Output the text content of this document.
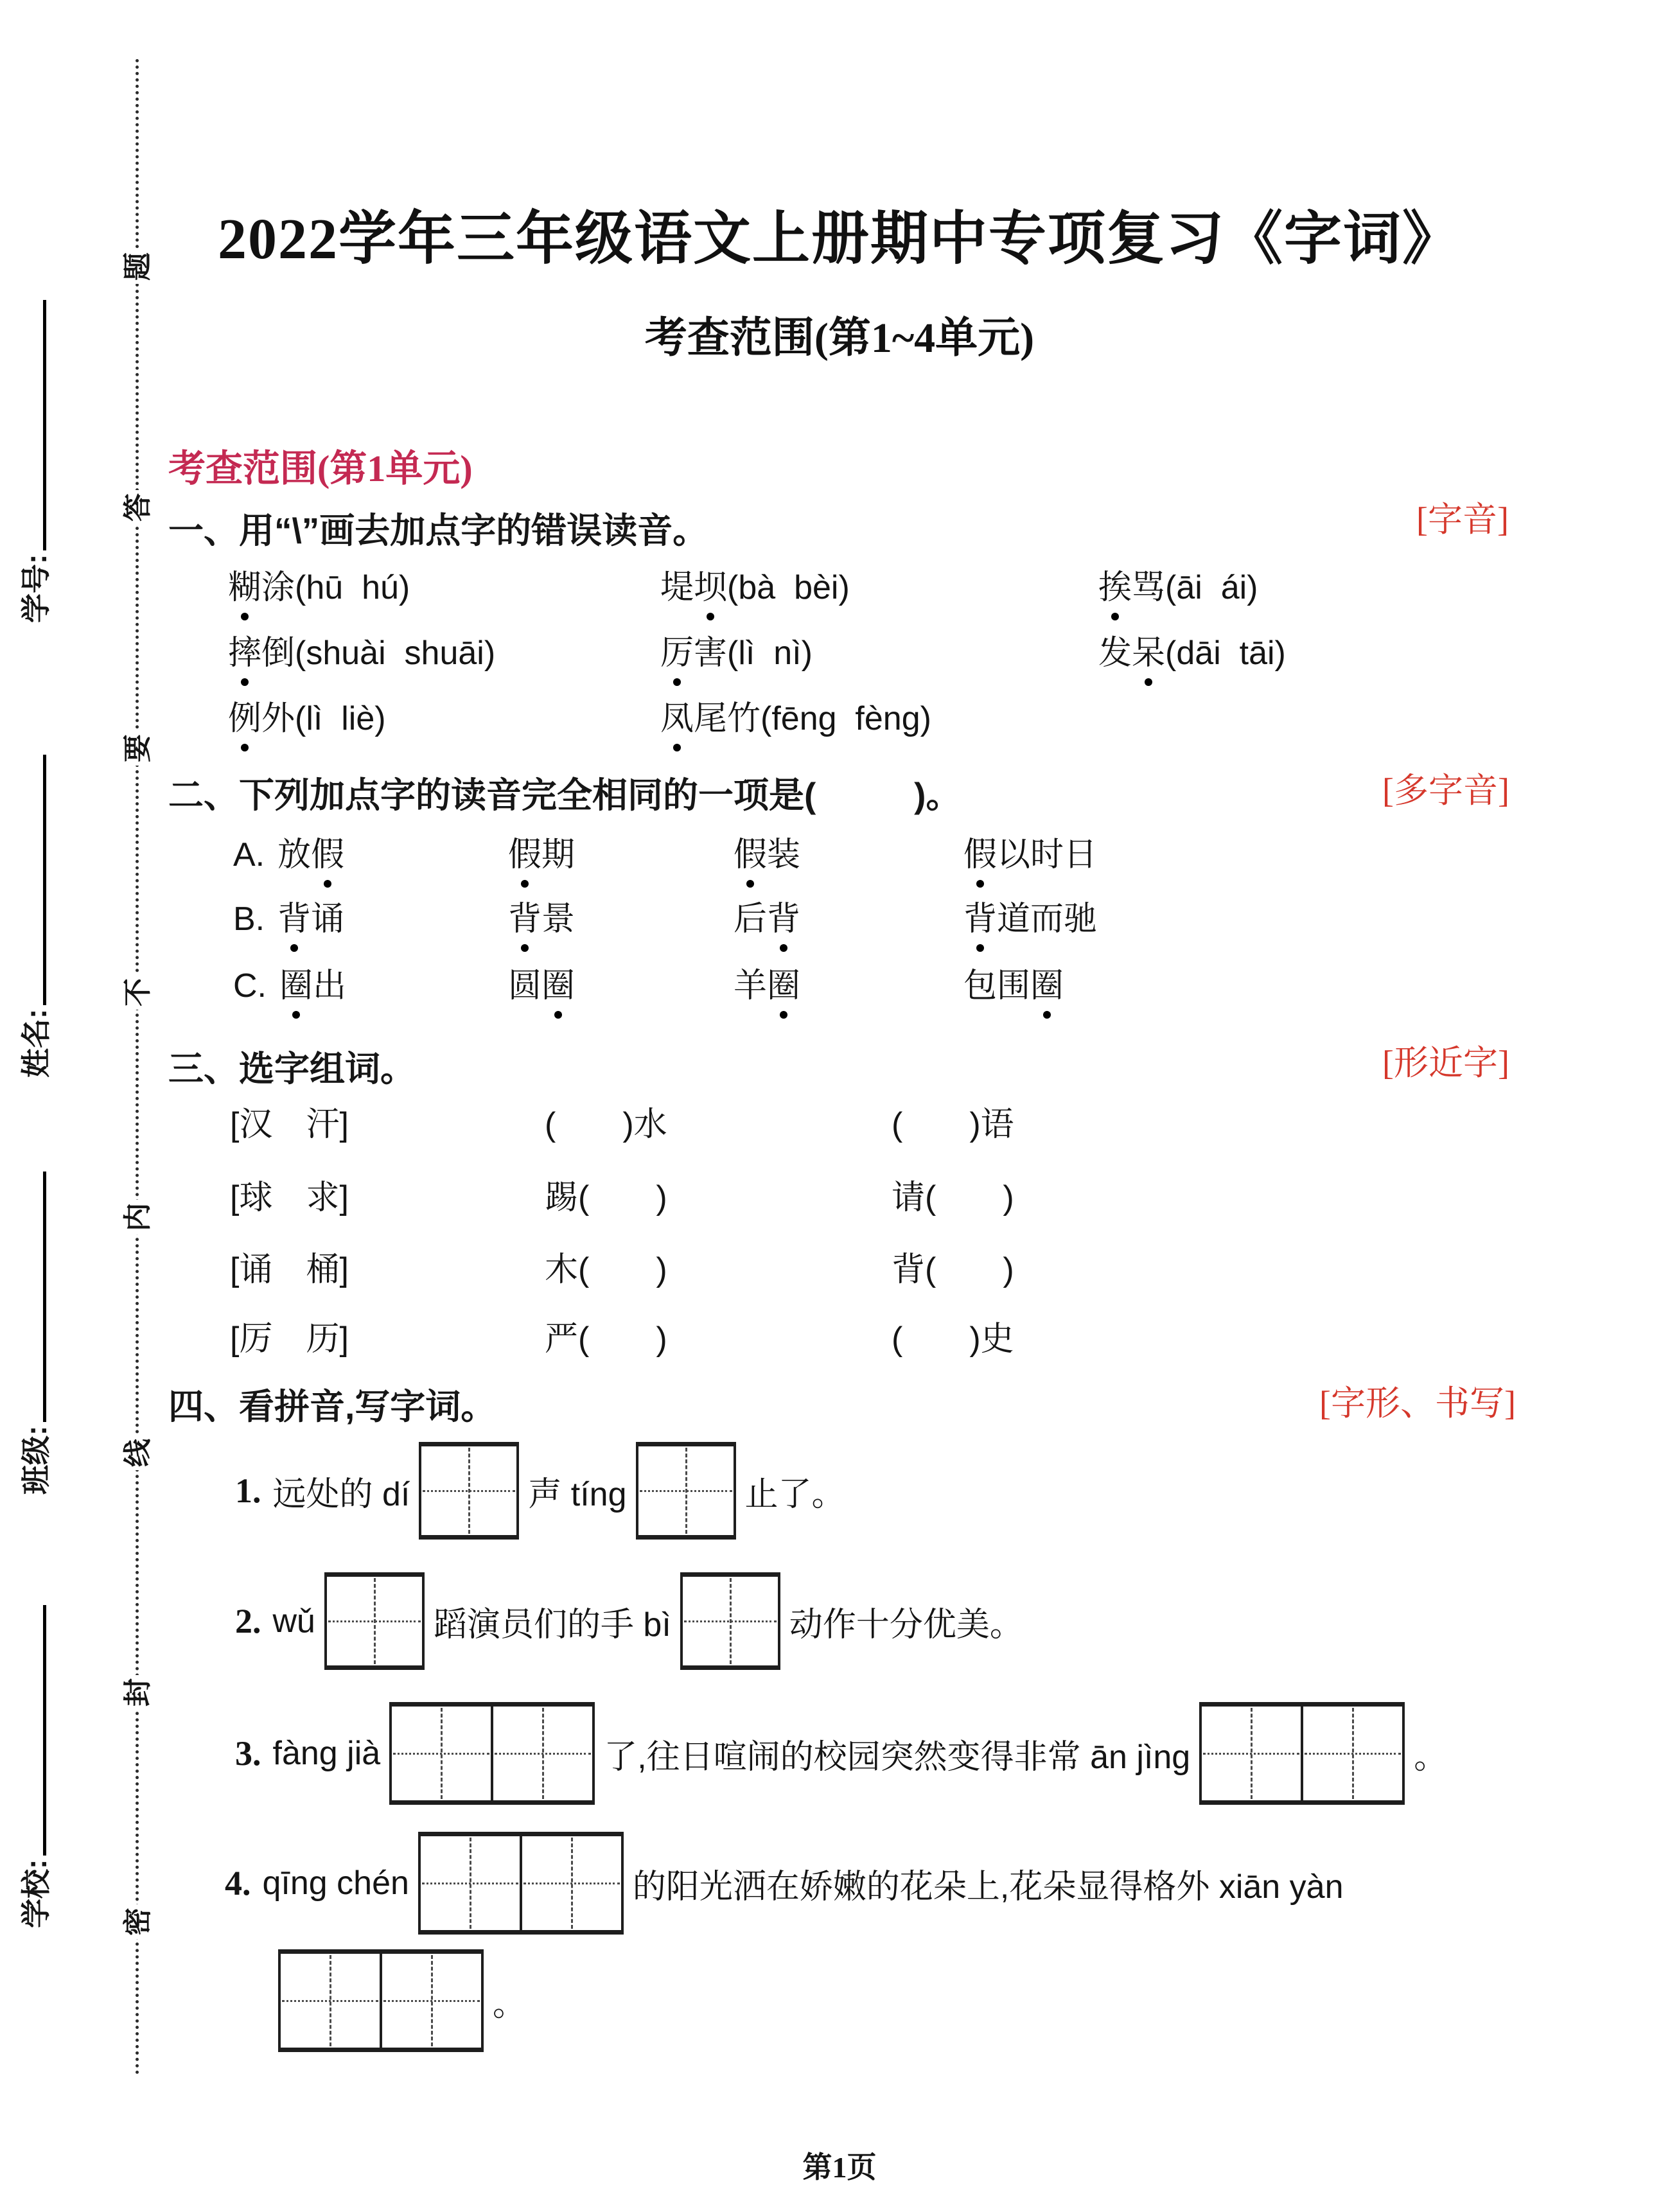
题
答
要
不
内
线
封
密
学号:
姓名:
班级:
学校:
2022学年三年级语文上册期中专项复习《字词》
考查范围(第1~4单元)
考查范围(第1单元)
一、用“\”画去加点字的错误读音。	[字音]
糊涂(hū  hú)	堤坝(bà  bèi)	挨骂(āi  ái)
摔倒(shuài  shuāi)	厉害(lì  nì)	发呆(dāi  tāi)
例外(lì  liè)	凤尾竹(fēng  fèng)
二、下列加点字的读音完全相同的一项是(          )。	[多字音]
A. 放假	假期	假装	假以时日
B. 背诵	背景	后背	背道而驰
C. 圈出	圆圈	羊圈	包围圈
三、选字组词。	[形近字]
[汉　汗]	(　　)水	(　　)语
[球　求]	踢(　　)	请(　　)
[诵　桶]	木(　　)	背(　　)
[厉　历]	严(　　)	(　　)史
四、看拼音,写字词。	[字形、书写]
1. 远处的 dí	声 tíng	止了。
2. wǔ	蹈演员们的手 bì	动作十分优美。
3. fàng jià	了,往日喧闹的校园突然变得非常 ān jìng	。
4. qīng chén	的阳光洒在娇嫩的花朵上,花朵显得格外 xiān yàn
。
第1页
